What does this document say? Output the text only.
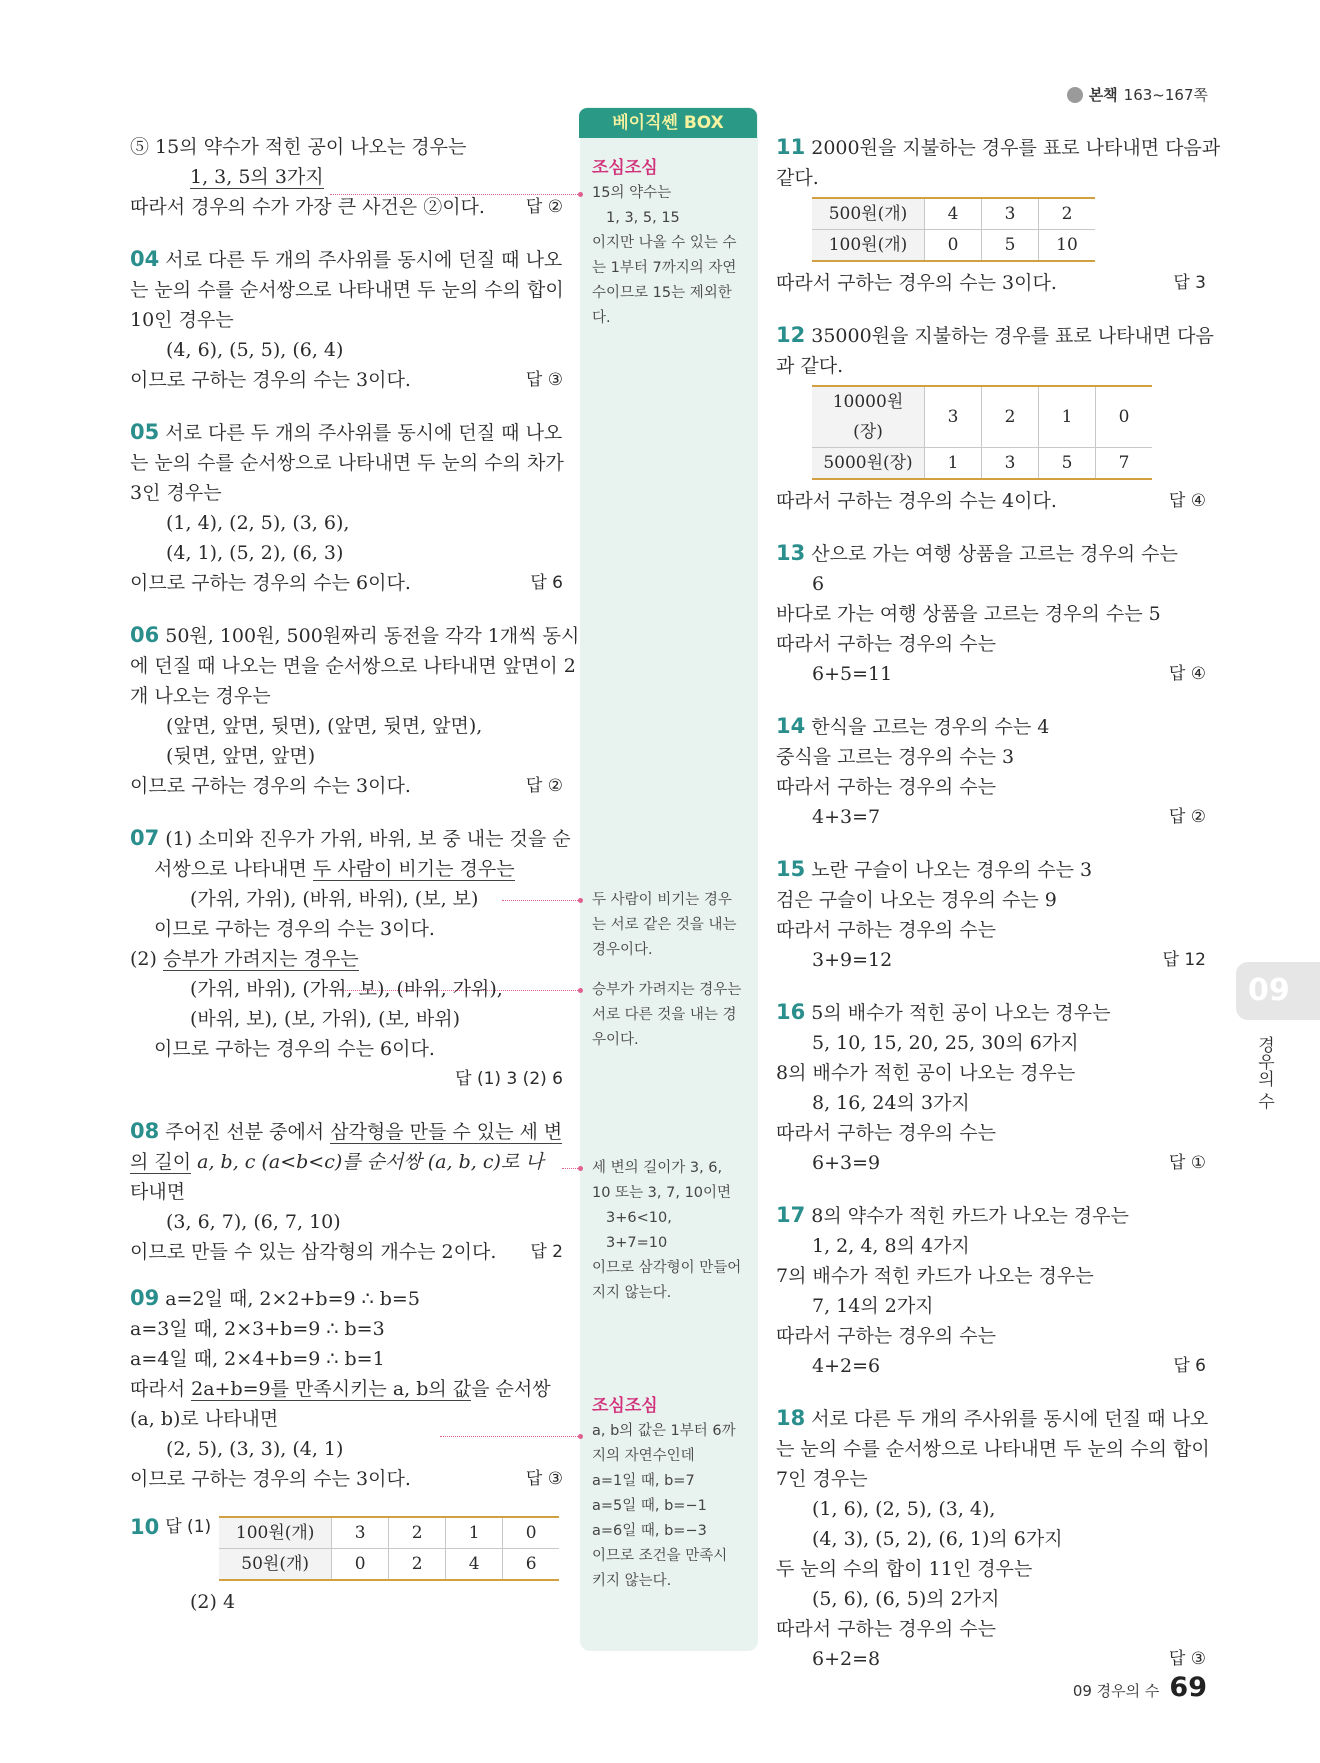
본책 163~167쪽
베이직쎈 BOX
조심조심
15의 약수는
1, 3, 5, 15
이지만 나올 수 있는 수
는 1부터 7까지의 자연
수이므로 15는 제외한
다.
두 사람이 비기는 경우
는 서로 같은 것을 내는
경우이다.
승부가 가려지는 경우는
서로 다른 것을 내는 경
우이다.
세 변의 길이가 3, 6,
10 또는 3, 7, 10이면
3+6<10,
3+7=10
이므로 삼각형이 만들어
지지 않는다.
조심조심
a, b의 값은 1부터 6까
지의 자연수인데
a=1일 때, b=7
a=5일 때, b=−1
a=6일 때, b=−3
이므로 조건을 만족시
키지 않는다.
⑤ 15의 약수가 적힌 공이 나오는 경우는
1, 3, 5의 3가지
따라서 경우의 수가 가장 큰 사건은 ②이다. 답 ②
04 서로 다른 두 개의 주사위를 동시에 던질 때 나오
는 눈의 수를 순서쌍으로 나타내면 두 눈의 수의 합이
10인 경우는
(4, 6), (5, 5), (6, 4)
이므로 구하는 경우의 수는 3이다.	답 ③
05 서로 다른 두 개의 주사위를 동시에 던질 때 나오
는 눈의 수를 순서쌍으로 나타내면 두 눈의 수의 차가
3인 경우는
(1, 4), (2, 5), (3, 6),
(4, 1), (5, 2), (6, 3)
이므로 구하는 경우의 수는 6이다.	답 6
06 50원, 100원, 500원짜리 동전을 각각 1개씩 동시
에 던질 때 나오는 면을 순서쌍으로 나타내면 앞면이 2
개 나오는 경우는
(앞면, 앞면, 뒷면), (앞면, 뒷면, 앞면),
(뒷면, 앞면, 앞면)
이므로 구하는 경우의 수는 3이다.	답 ②
07 (1) 소미와 진우가 가위, 바위, 보 중 내는 것을 순
서쌍으로 나타내면 두 사람이 비기는 경우는
(가위, 가위), (바위, 바위), (보, 보)
이므로 구하는 경우의 수는 3이다.
(2) 승부가 가려지는 경우는
(가위, 바위), (가위, 보), (바위, 가위),
(바위, 보), (보, 가위), (보, 바위)
이므로 구하는 경우의 수는 6이다.
답 (1) 3 (2) 6
08 주어진 선분 중에서 삼각형을 만들 수 있는 세 변
의 길이 a, b, c (a<b<c)를 순서쌍 (a, b, c)로 나
타내면
(3, 6, 7), (6, 7, 10)
이므로 만들 수 있는 삼각형의 개수는 2이다. 답 2
09 a=2일 때, 2×2+b=9 ∴ b=5
a=3일 때, 2×3+b=9 ∴ b=3
a=4일 때, 2×4+b=9 ∴ b=1
따라서 2a+b=9를 만족시키는 a, b의 값을 순서쌍
(a, b)로 나타내면
(2, 5), (3, 3), (4, 1)
이므로 구하는 경우의 수는 3이다.	답 ③
10 답 (1) 100원(개)	3	2	1	0
50원(개)	0	2	4	6
(2) 4
11 2000원을 지불하는 경우를 표로 나타내면 다음과
같다.
500원(개)	4	3	2
100원(개)	0	5	10
따라서 구하는 경우의 수는 3이다.	답 3
12 35000원을 지불하는 경우를 표로 나타내면 다음
과 같다.
10000원(장)	3	2	1	0
5000원(장)	1	3	5	7
따라서 구하는 경우의 수는 4이다.	답 ④
13 산으로 가는 여행 상품을 고르는 경우의 수는
6
바다로 가는 여행 상품을 고르는 경우의 수는 5
따라서 구하는 경우의 수는
6+5=11	답 ④
14 한식을 고르는 경우의 수는 4
중식을 고르는 경우의 수는 3
따라서 구하는 경우의 수는
4+3=7	답 ②
15 노란 구슬이 나오는 경우의 수는 3
검은 구슬이 나오는 경우의 수는 9
따라서 구하는 경우의 수는
3+9=12	답 12
16 5의 배수가 적힌 공이 나오는 경우는
5, 10, 15, 20, 25, 30의 6가지
8의 배수가 적힌 공이 나오는 경우는
8, 16, 24의 3가지
따라서 구하는 경우의 수는
6+3=9	답 ①
17 8의 약수가 적힌 카드가 나오는 경우는
1, 2, 4, 8의 4가지
7의 배수가 적힌 카드가 나오는 경우는
7, 14의 2가지
따라서 구하는 경우의 수는
4+2=6	답 6
18 서로 다른 두 개의 주사위를 동시에 던질 때 나오
는 눈의 수를 순서쌍으로 나타내면 두 눈의 수의 합이
7인 경우는
(1, 6), (2, 5), (3, 4),
(4, 3), (5, 2), (6, 1)의 6가지
두 눈의 수의 합이 11인 경우는
(5, 6), (6, 5)의 2가지
따라서 구하는 경우의 수는
6+2=8	답 ③
09
경우의 수
09 경우의 수 69
